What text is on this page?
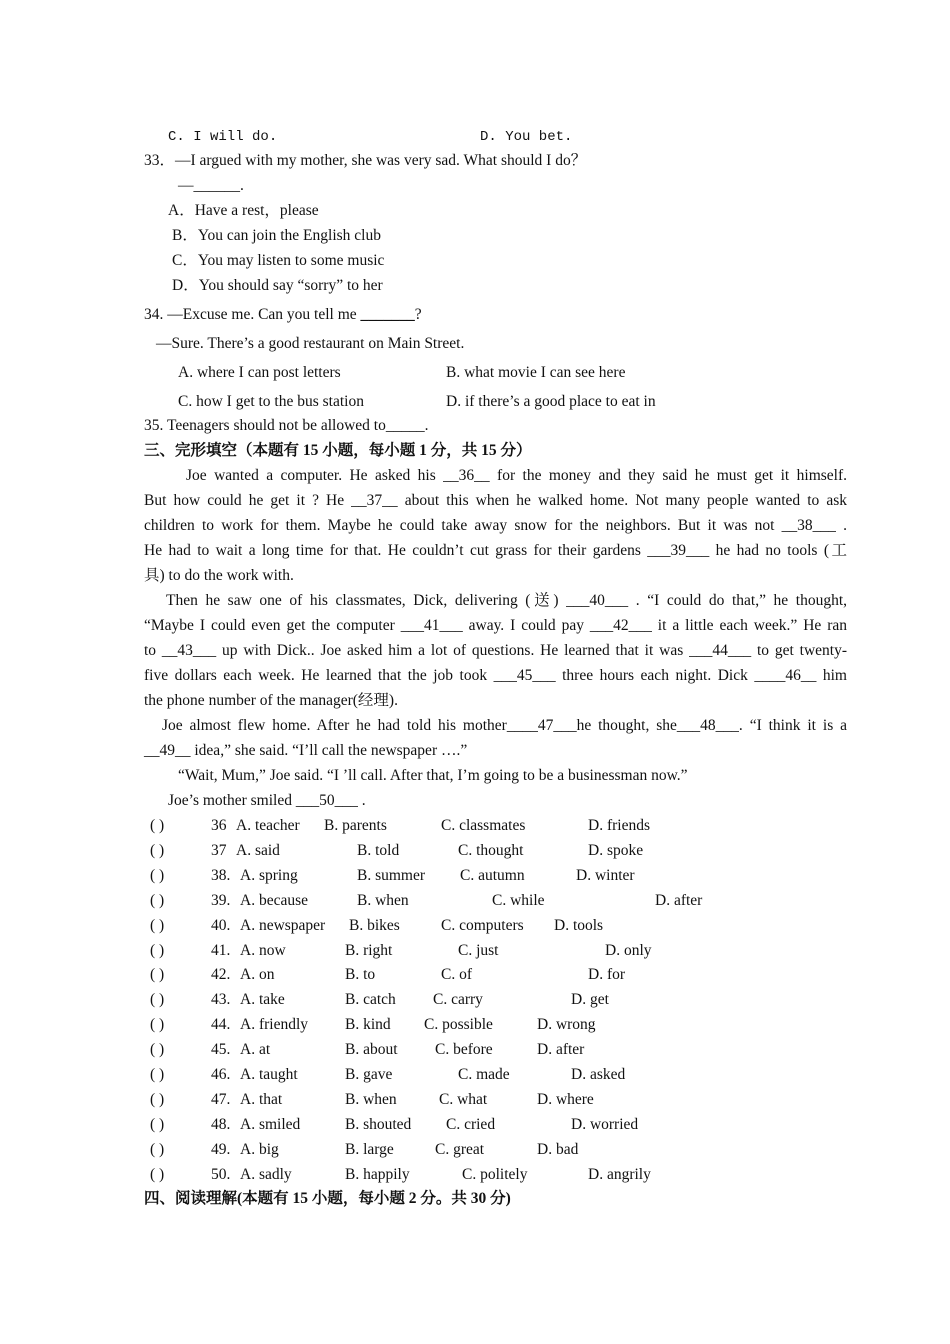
C. I will do.	D. You bet.
33．—I argued with my mother, she was very sad. What should I do？
—______.
A．Have a rest，please
B．You can join the English club
C．You may listen to some music
D．You should say “sorry” to her
34. —Excuse me. Can you tell me _______?
—Sure. There’s a good restaurant on Main Street.
A. where I can post letters	B. what movie I can see here
C. how I get to the bus station	D. if there’s a good place to eat in
35. Teenagers should not be allowed to_____.
三、完形填空（本题有 15 小题，每小题 1 分，共 15 分）
Joe wanted a computer. He asked his __36__ for the money and they said he must get it himself.
But how could he get it ? He __37__ about this when he walked home. Not many people wanted to ask
children to work for them. Maybe he could take away snow for the neighbors. But it was not __38___ .
He had to wait a long time for that. He couldn’t cut grass for their gardens ___39___ he had no tools (工
具) to do the work with.
Then he saw one of his classmates, Dick, delivering (送) ___40___ . “I could do that,” he thought,
“Maybe I could even get the computer ___41___ away. I could pay ___42___ it a little each week.” He ran
to __43___ up with Dick.. Joe asked him a lot of questions. He learned that it was ___44___ to get twenty-
five dollars each week. He learned that the job took ___45___ three hours each night. Dick ____46__ him
the phone number of the manager(经理).
Joe almost flew home. After he had told his mother____47___he thought, she___48___. “I think it is a
__49__ idea,” she said. “I’ll call the newspaper ….”
“Wait, Mum,” Joe said. “I ’ll call. After that, I’m going to be a businessman now.”
Joe’s mother smiled ___50___ .
( )	36 A. teacher B. parents	C. classmates	D. friends
( )	37 A. said	B. told	C. thought	D. spoke
( )	38. A. spring	B. summer C. autumn	D. winter
( )	39. A. because	B. when	C. while	D. after
( )	40. A. newspaper B. bikes	C. computers D. tools
( )	41. A. now	B. right	C. just	D. only
( )	42. A. on	B. to	C. of	D. for
( )	43. A. take	B. catch C. carry	D. get
( )	44. A. friendly B. kind C. possible	D. wrong
( )	45. A. at	B. about C. before	D. after
( )	46. A. taught	B. gave	C. made	D. asked
( )	47. A. that	B. when	C. what	D. where
( )	48. A. smiled	B. shouted C. cried	D. worried
( )	49. A. big	B. large	C. great	D. bad
( )	50. A. sadly	B. happily	C. politely	D. angrily
四、阅读理解(本题有 15 小题，每小题 2 分。共 30 分)
